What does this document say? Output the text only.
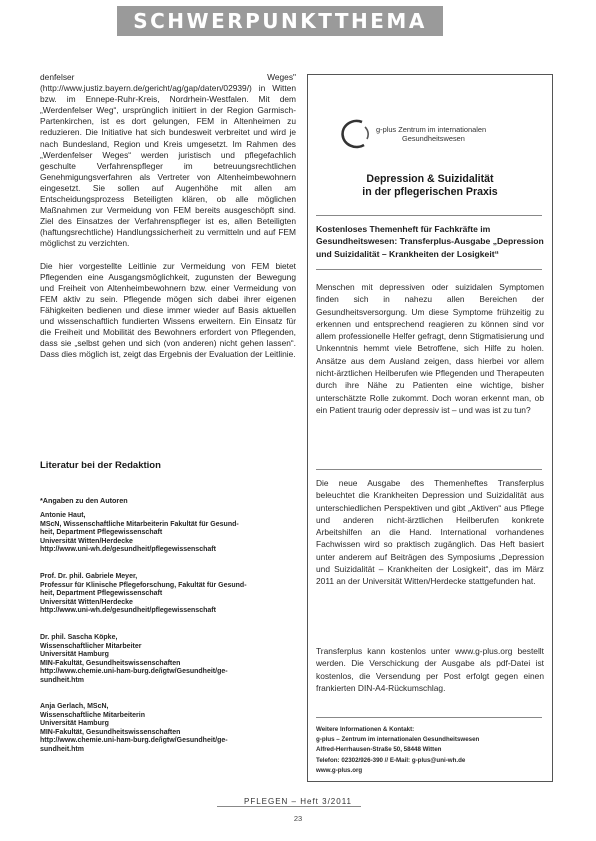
SCHWERPUNKTTHEMA

denfelser Weges" (http://www.justiz.bayern.de/gericht/ag/gap/daten/02939/) in Witten bzw. im Ennepe-Ruhr-Kreis, Nordrhein-Westfalen. Mit dem „Werdenfelser Weg“, ursprünglich initiiert in der Region Garmisch-Partenkirchen, ist es dort gelungen, FEM in Altenheimen zu reduzieren. Die Initiative hat sich bundesweit verbreitet und wird je nach Bundesland, Region und Kreis umgesetzt. Im Rahmen des „Werdenfelser Weges“ werden juristisch und pflegefachlich geschulte Verfahrenspfleger im betreuungsrechtlichen Genehmigungsverfahren als Vertreter von Altenheimbewohnern eingesetzt. Sie sollen auf Augenhöhe mit allen am Entscheidungsprozess Beteiligten klären, ob alle möglichen Maßnahmen zur Vermeidung von FEM bereits ausgeschöpft sind. Ziel des Einsatzes der Verfahrenspfleger ist es, allen Beteiligten (haftungsrechtliche) Handlungssicherheit zu vermitteln und auf FEM möglichst zu verzichten.

Die hier vorgestellte Leitlinie zur Vermeidung von FEM bietet Pflegenden eine Ausgangsmöglichkeit, zugunsten der Bewegung und Freiheit von Altenheimbewohnern bzw. einer Vermeidung von FEM aktiv zu sein. Pflegende mögen sich dabei ihrer eigenen Fähigkeiten bedienen und diese immer wieder auf Basis aktuellen und wissenschaftlich fundierten Wissens erweitern. Ein Einsatz für die Freiheit und Mobilität des Bewohners erfordert von Pflegenden, dass sie „selbst gehen und sich (von anderen) nicht gehen lassen“. Dass dies möglich ist, zeigt das Ergebnis der Evaluation der Leitlinie.

Literatur bei der Redaktion
*Angaben zu den Autoren
Antonie Haut,
MScN, Wissenschaftliche Mitarbeiterin Fakultät für Gesund-
heit, Department Pflegewissenschaft
Universität Witten/Herdecke
http://www.uni-wh.de/gesundheit/pflegewissenschaft
Prof. Dr. phil. Gabriele Meyer,
Professur für Klinische Pflegeforschung, Fakultät für Gesund-
heit, Department Pflegewissenschaft
Universität Witten/Herdecke
http://www.uni-wh.de/gesundheit/pflegewissenschaft
Dr. phil. Sascha Köpke,
Wissenschaftlicher Mitarbeiter
Universität Hamburg
MIN-Fakultät, Gesundheitswissenschaften
http://www.chemie.uni-ham-burg.de/igtw/Gesundheit/ge-
sundheit.htm
Anja Gerlach, MScN,
Wissenschaftliche Mitarbeiterin
Universität Hamburg
MIN-Fakultät, Gesundheitswissenschaften
http://www.chemie.uni-ham-burg.de/igtw/Gesundheit/ge-
sundheit.htm
g-plus Zentrum im internationalen
Gesundheitswesen
Depression & Suizidalität
in der pflegerischen Praxis
Kostenloses Themenheft für Fachkräfte im Gesundheitswesen: Transferplus-Ausgabe „Depression und Suizidalität – Krankheiten der Losigkeit“

Menschen mit depressiven oder suizidalen Symptomen finden sich in nahezu allen Bereichen der Gesundheitsversorgung. Um diese Symptome frühzeitig zu erkennen und entsprechend reagieren zu können sind vor allem professionelle Helfer gefragt, denn Stigmatisierung und Unkenntnis hemmt viele Betroffene, sich Hilfe zu holen. Ansätze aus dem Ausland zeigen, dass hierbei vor allem nicht-ärztlichen Heilberufen wie Pflegenden und Therapeuten durch ihre Nähe zu Patienten eine wichtige, bisher unterschätzte Rolle zukommt. Doch woran erkennt man, ob ein Patient traurig oder depressiv ist – und was ist zu tun?

Die neue Ausgabe des Themenheftes Transferplus beleuchtet die Krankheiten Depression und Suizidalität aus unterschiedlichen Perspektiven und gibt „Aktiven“ aus Pflege und anderen nicht-ärztlichen Heilberufen konkrete Arbeitshilfen an die Hand. International vorhandenes Fachwissen wird so praktisch zugänglich. Das Heft basiert unter anderem auf Beiträgen des Symposiums „Depression und Suizidalität – Krankheiten der Losigkeit“, das im März 2011 an der Universität Witten/Herdecke stattgefunden hat.

Transferplus kann kostenlos unter www.g-plus.org bestellt werden. Die Verschickung der Ausgabe als pdf-Datei ist kostenlos, die Versendung per Post erfolgt gegen einen frankierten DIN-A4-Rückumschlag.

Weitere Informationen & Kontakt:
g-plus – Zentrum im internationalen Gesundheitswesen
Alfred-Herrhausen-Straße 50, 58448 Witten
Telefon: 02302/926-390 // E-Mail: g-plus@uni-wh.de
www.g-plus.org
PFLEGEN – Heft 3/2011
23
